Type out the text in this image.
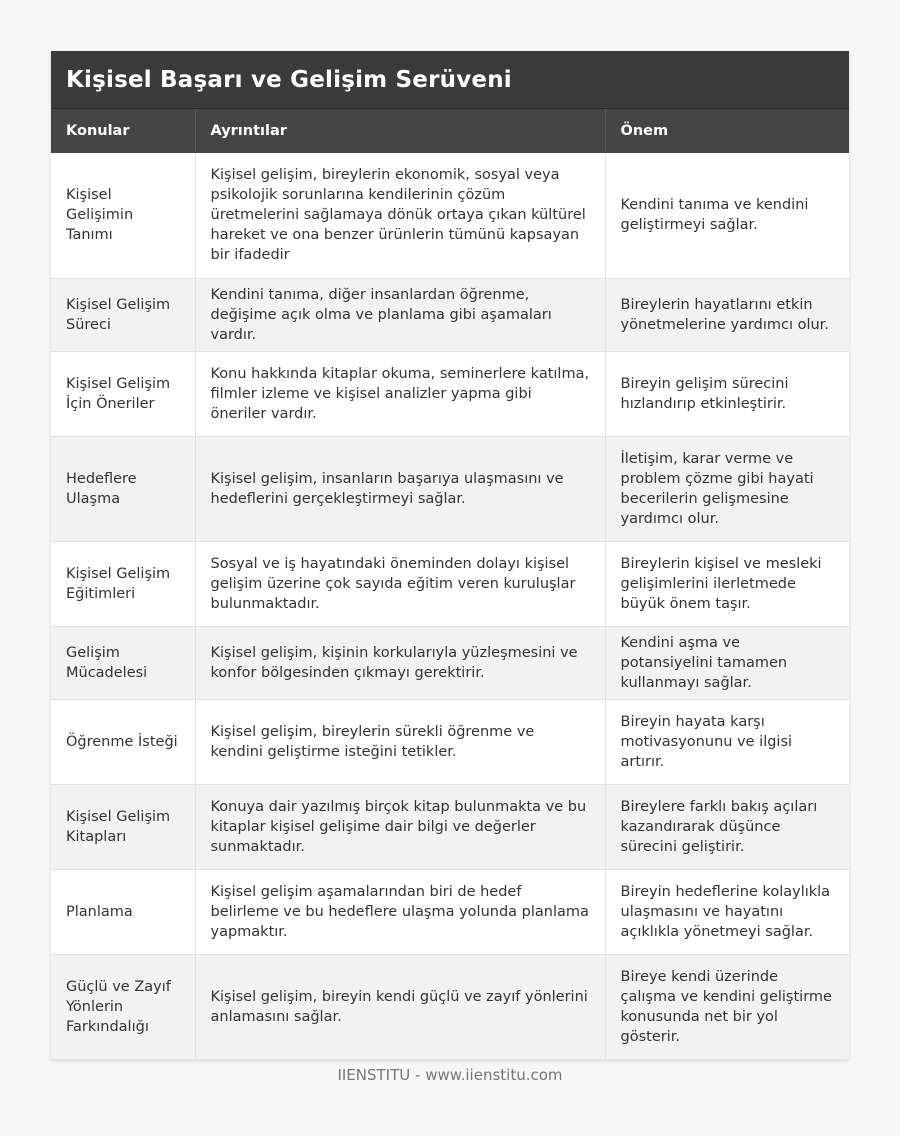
Kişisel Başarı ve Gelişim Serüveni
Konular	Ayrıntılar	Önem
Kişisel Gelişimin Tanımı	Kişisel gelişim, bireylerin ekonomik, sosyal veya psikolojik sorunlarına kendilerinin çözüm üretmelerini sağlamaya dönük ortaya çıkan kültürel hareket ve ona benzer ürünlerin tümünü kapsayan bir ifadedir	Kendini tanıma ve kendini geliştirmeyi sağlar.
Kişisel Gelişim Süreci	Kendini tanıma, diğer insanlardan öğrenme, değişime açık olma ve planlama gibi aşamaları vardır.	Bireylerin hayatlarını etkin yönetmelerine yardımcı olur.
Kişisel Gelişim İçin Öneriler	Konu hakkında kitaplar okuma, seminerlere katılma, filmler izleme ve kişisel analizler yapma gibi öneriler vardır.	Bireyin gelişim sürecini hızlandırıp etkinleştirir.
Hedeflere Ulaşma	Kişisel gelişim, insanların başarıya ulaşmasını ve hedeflerini gerçekleştirmeyi sağlar.	İletişim, karar verme ve problem çözme gibi hayati becerilerin gelişmesine yardımcı olur.
Kişisel Gelişim Eğitimleri	Sosyal ve iş hayatındaki öneminden dolayı kişisel gelişim üzerine çok sayıda eğitim veren kuruluşlar bulunmaktadır.	Bireylerin kişisel ve mesleki gelişimlerini ilerletmede büyük önem taşır.
Gelişim Mücadelesi	Kişisel gelişim, kişinin korkularıyla yüzleşmesini ve konfor bölgesinden çıkmayı gerektirir.	Kendini aşma ve potansiyelini tamamen kullanmayı sağlar.
Öğrenme İsteği	Kişisel gelişim, bireylerin sürekli öğrenme ve kendini geliştirme isteğini tetikler.	Bireyin hayata karşı motivasyonunu ve ilgisi artırır.
Kişisel Gelişim Kitapları	Konuya dair yazılmış birçok kitap bulunmakta ve bu kitaplar kişisel gelişime dair bilgi ve değerler sunmaktadır.	Bireylere farklı bakış açıları kazandırarak düşünce sürecini geliştirir.
Planlama	Kişisel gelişim aşamalarından biri de hedef belirleme ve bu hedeflere ulaşma yolunda planlama yapmaktır.	Bireyin hedeflerine kolaylıkla ulaşmasını ve hayatını açıklıkla yönetmeyi sağlar.
Güçlü ve Zayıf Yönlerin Farkındalığı	Kişisel gelişim, bireyin kendi güçlü ve zayıf yönlerini anlamasını sağlar.	Bireye kendi üzerinde çalışma ve kendini geliştirme konusunda net bir yol gösterir.
IIENSTITU - www.iienstitu.com
